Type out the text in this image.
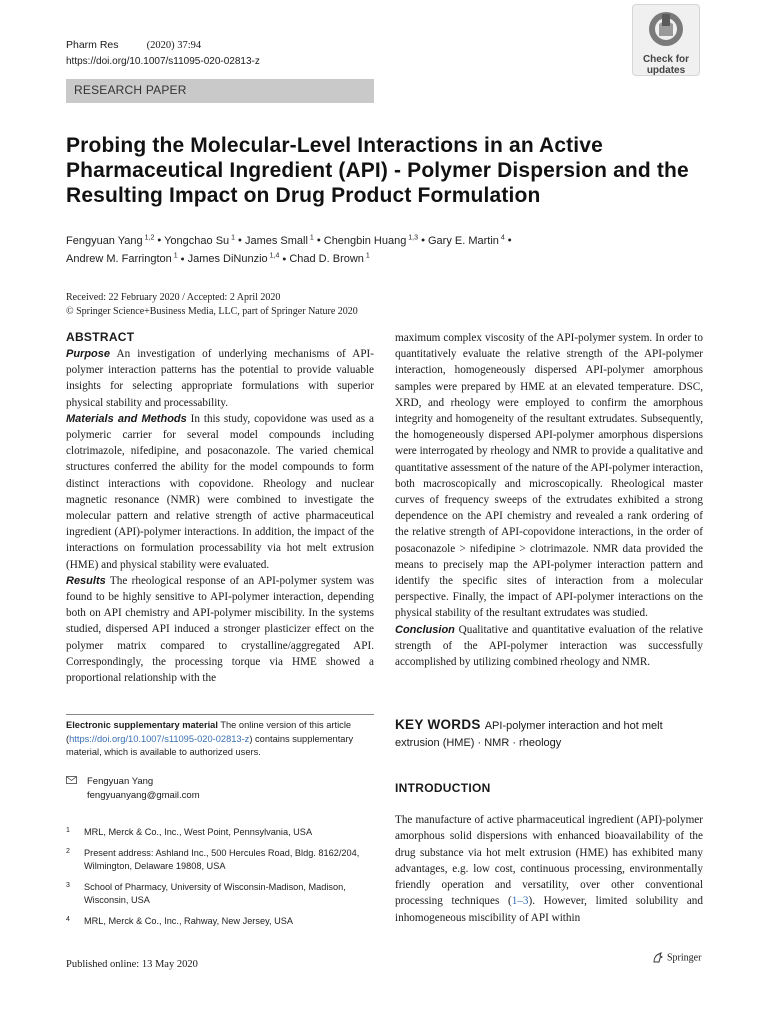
Pharm Res	(2020) 37:94
https://doi.org/10.1007/s11095-020-02813-z	Check for
updates
RESEARCH PAPER
Probing the Molecular-Level Interactions in an Active Pharmaceutical Ingredient (API) - Polymer Dispersion and the Resulting Impact on Drug Product Formulation
Fengyuan Yang $^{1,2}$ • Yongchao Su $^1$ • James Small $^1$ • Chengbin Huang $^{1,3}$ • Gary E. Martin $^4$ •
Andrew M. Farrington $^1$ • James DiNunzio $^{1,4}$ • Chad D. Brown $^1$
Received: 22 February 2020 / Accepted: 2 April 2020
© Springer Science+Business Media, LLC, part of Springer Nature 2020
ABSTRACT

Purpose An investigation of underlying mechanisms of API-polymer interaction patterns has the potential to provide valuable insights for selecting appropriate formulations with superior physical stability and processability.

Materials and Methods In this study, copovidone was used as a polymeric carrier for several model compounds including clotrimazole, nifedipine, and posaconazole. The varied chemical structures conferred the ability for the model compounds to form distinct interactions with copovidone. Rheology and nuclear magnetic resonance (NMR) were combined to investigate the molecular pattern and relative strength of active pharmaceutical ingredient (API)-polymer interactions. In addition, the impact of the interactions on formulation processability via hot melt extrusion (HME) and physical stability were evaluated.

Results The rheological response of an API-polymer system was found to be highly sensitive to API-polymer interaction, depending both on API chemistry and API-polymer miscibility. In the systems studied, dispersed API induced a stronger plasticizer effect on the polymer matrix compared to crystalline/aggregated API. Correspondingly, the processing torque via HME showed a proportional relationship with the

maximum complex viscosity of the API-polymer system. In order to quantitatively evaluate the relative strength of the API-polymer interaction, homogeneously dispersed API-polymer amorphous samples were prepared by HME at an elevated temperature. DSC, XRD, and rheology were employed to confirm the amorphous integrity and homogeneity of the resultant extrudates. Subsequently, the homogeneously dispersed API-polymer amorphous dispersions were interrogated by rheology and NMR to provide a qualitative and quantitative assessment of the nature of the API-polymer interaction, both macroscopically and microscopically. Rheological master curves of frequency sweeps of the extrudates exhibited a strong dependence on the API chemistry and revealed a rank ordering of the relative strength of API-copovidone interactions, in the order of posaconazole > nifedipine > clotrimazole. NMR data provided the means to precisely map the API-polymer interaction pattern and identify the specific sites of interaction from a molecular perspective. Finally, the impact of API-polymer interactions on the physical stability of the resultant extrudates was studied.

Conclusion Qualitative and quantitative evaluation of the relative strength of the API-polymer interaction was successfully accomplished by utilizing combined rheology and NMR.

Electronic supplementary material The online version of this article (https://doi.org/10.1007/s11095-020-02813-z) contains supplementary material, which is available to authorized users.
Fengyuan Yang
fengyuanyang@gmail.com
1 MRL, Merck & Co., Inc., West Point, Pennsylvania, USA
2 Present address: Ashland Inc., 500 Hercules Road, Bldg. 8162/204, Wilmington, Delaware 19808, USA
3 School of Pharmacy, University of Wisconsin-Madison, Madison, Wisconsin, USA
4 MRL, Merck & Co., Inc., Rahway, New Jersey, USA
KEY WORDS API-polymer interaction and hot melt extrusion (HME) · NMR · rheology
INTRODUCTION

The manufacture of active pharmaceutical ingredient (API)-polymer amorphous solid dispersions with enhanced bioavailability of the drug substance via hot melt extrusion (HME) has exhibited many advantages, e.g. low cost, continuous processing, environmentally friendly operation and versatility, over other conventional processing techniques (1–3). However, limited solubility and inhomogeneous miscibility of API within

Published online: 13 May 2020
Springer
